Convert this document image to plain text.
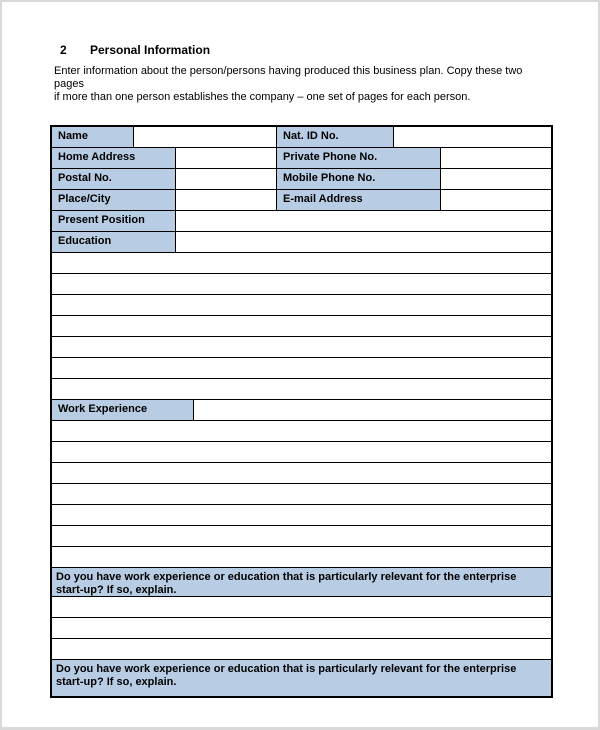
2 Personal Information
Enter information about the person/persons having produced this business plan. Copy these two pages
if more than one person establishes the company – one set of pages for each person.
Name	Nat. ID No.
Home Address	Private Phone No.
Postal No.	Mobile Phone No.
Place/City	E-mail Address
Present Position
Education
Work Experience
Do you have work experience or education that is particularly relevant for the enterprise start-up? If so, explain.
Do you have work experience or education that is particularly relevant for the enterprise start-up? If so, explain.
